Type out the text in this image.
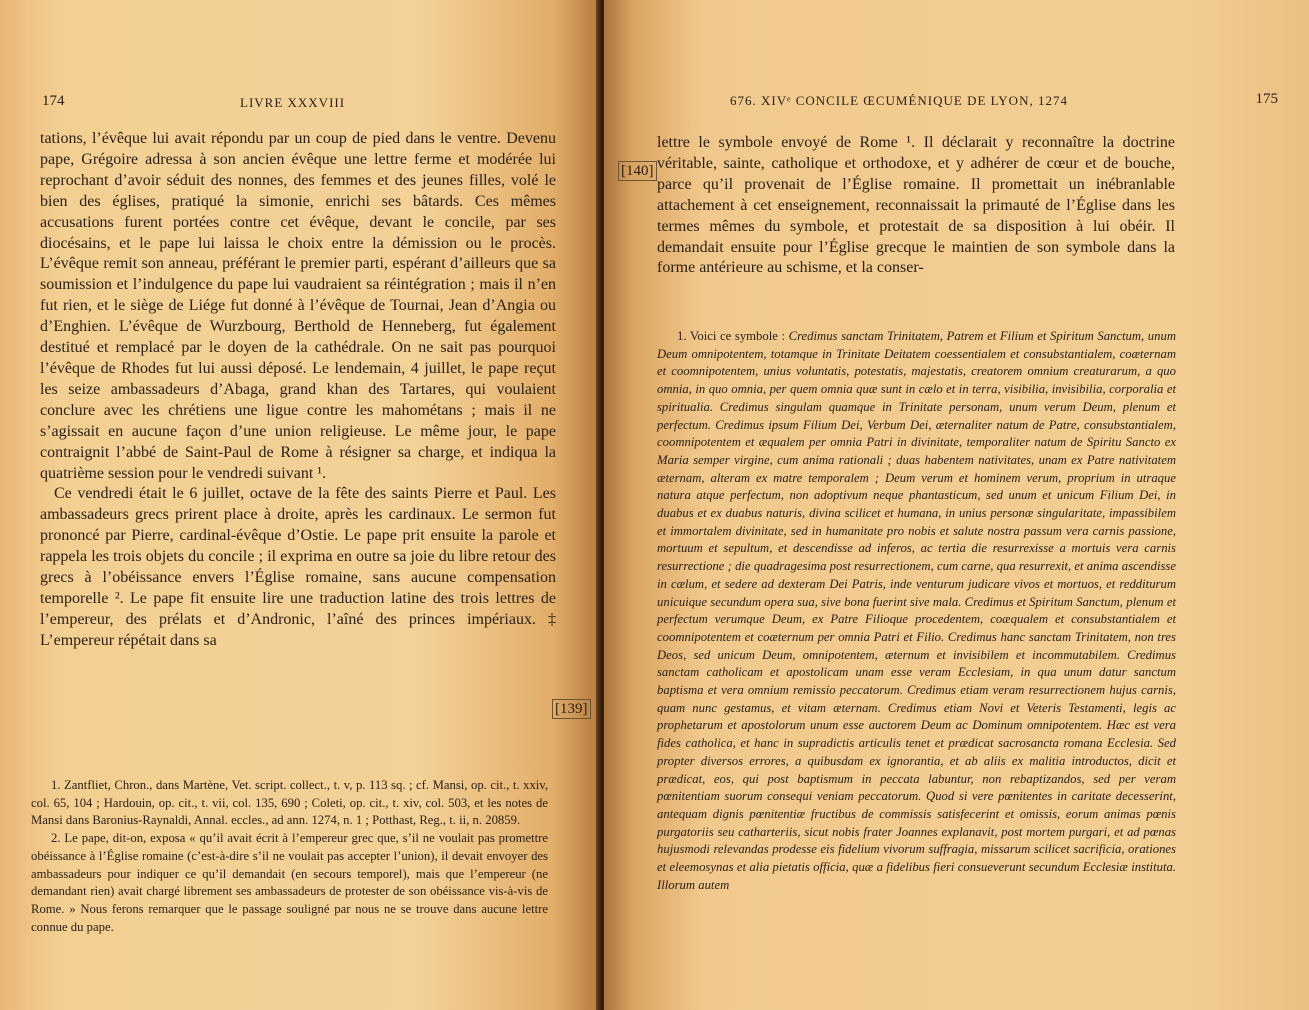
174	LIVRE XXXVIII

tations, l’évêque lui avait répondu par un coup de pied dans le ventre. Devenu pape, Grégoire adressa à son ancien évêque une lettre ferme et modérée lui reprochant d’avoir séduit des nonnes, des femmes et des jeunes filles, volé le bien des églises, pratiqué la simonie, enrichi ses bâtards. Ces mêmes accusations furent portées contre cet évêque, devant le concile, par ses diocésains, et le pape lui laissa le choix entre la démission ou le procès. L’évêque remit son anneau, préférant le premier parti, espérant d’ailleurs que sa soumission et l’indulgence du pape lui vaudraient sa réintégration ; mais il n’en fut rien, et le siège de Liége fut donné à l’évêque de Tournai, Jean d’Angia ou d’Enghien. L’évêque de Wurzbourg, Berthold de Henneberg, fut également destitué et remplacé par le doyen de la cathédrale. On ne sait pas pourquoi l’évêque de Rhodes fut lui aussi déposé. Le lendemain, 4 juillet, le pape reçut les seize ambassadeurs d’Abaga, grand khan des Tartares, qui voulaient conclure avec les chrétiens une ligue contre les mahométans ; mais il ne s’agissait en aucune façon d’une union religieuse. Le même jour, le pape contraignit l’abbé de Saint-Paul de Rome à résigner sa charge, et indiqua la quatrième session pour le vendredi suivant ¹.

Ce vendredi était le 6 juillet, octave de la fête des saints Pierre et Paul. Les ambassadeurs grecs prirent place à droite, après les cardinaux. Le sermon fut prononcé par Pierre, cardinal-évêque d’Ostie. Le pape prit ensuite la parole et rappela les trois objets du concile ; il exprima en outre sa joie du libre retour des grecs à l’obéissance envers l’Église romaine, sans aucune compensation temporelle ². Le pape fit ensuite lire une traduction latine des trois lettres de l’empereur, des prélats et d’Andronic, l’aîné des princes impériaux. ‡ L’empereur répétait dans sa

1. Zantfliet, Chron., dans Martène, Vet. script. collect., t. v, p. 113 sq. ; cf. Mansi, op. cit., t. xxiv, col. 65, 104 ; Hardouin, op. cit., t. vii, col. 135, 690 ; Coleti, op. cit., t. xiv, col. 503, et les notes de Mansi dans Baronius-Raynaldi, Annal. eccles., ad ann. 1274, n. 1 ; Potthast, Reg., t. ii, n. 20859.

2. Le pape, dit-on, exposa « qu’il avait écrit à l’empereur grec que, s’il ne voulait pas promettre obéissance à l’Église romaine (c’est-à-dire s’il ne voulait pas accepter l’union), il devait envoyer des ambassadeurs pour indiquer ce qu’il demandait (en secours temporel), mais que l’empereur (ne demandant rien) avait chargé librement ses ambassadeurs de protester de son obéissance vis-à-vis de Rome. » Nous ferons remarquer que le passage souligné par nous ne se trouve dans aucune lettre connue du pape.

[139]
676. XIVᵉ CONCILE ŒCUMÉNIQUE DE LYON, 1274	175
[140]

lettre le symbole envoyé de Rome ¹. Il déclarait y reconnaître la doctrine véritable, sainte, catholique et orthodoxe, et y adhérer de cœur et de bouche, parce qu’il provenait de l’Église romaine. Il promettait un inébranlable attachement à cet enseignement, reconnaissait la primauté de l’Église dans les termes mêmes du symbole, et protestait de sa disposition à lui obéir. Il demandait ensuite pour l’Église grecque le maintien de son symbole dans la forme antérieure au schisme, et la conser-

1. Voici ce symbole : Credimus sanctam Trinitatem, Patrem et Filium et Spiritum Sanctum, unum Deum omnipotentem, totamque in Trinitate Deitatem coessentialem et consubstantialem, coæternam et coomnipotentem, unius voluntatis, potestatis, majestatis, creatorem omnium creaturarum, a quo omnia, in quo omnia, per quem omnia quæ sunt in cælo et in terra, visibilia, invisibilia, corporalia et spiritualia. Credimus singulam quamque in Trinitate personam, unum verum Deum, plenum et perfectum. Credimus ipsum Filium Dei, Verbum Dei, æternaliter natum de Patre, consubstantialem, coomnipotentem et æqualem per omnia Patri in divinitate, temporaliter natum de Spiritu Sancto ex Maria semper virgine, cum anima rationali ; duas habentem nativitates, unam ex Patre nativitatem æternam, alteram ex matre temporalem ; Deum verum et hominem verum, proprium in utraque natura atque perfectum, non adoptivum neque phantasticum, sed unum et unicum Filium Dei, in duabus et ex duabus naturis, divina scilicet et humana, in unius personæ singularitate, impassibilem et immortalem divinitate, sed in humanitate pro nobis et salute nostra passum vera carnis passione, mortuum et sepultum, et descendisse ad inferos, ac tertia die resurrexisse a mortuis vera carnis resurrectione ; die quadragesima post resurrectionem, cum carne, qua resurrexit, et anima ascendisse in cælum, et sedere ad dexteram Dei Patris, inde venturum judicare vivos et mortuos, et redditurum unicuique secundum opera sua, sive bona fuerint sive mala. Credimus et Spiritum Sanctum, plenum et perfectum verumque Deum, ex Patre Filioque procedentem, coæqualem et consubstantialem et coomnipotentem et coæternum per omnia Patri et Filio. Credimus hanc sanctam Trinitatem, non tres Deos, sed unicum Deum, omnipotentem, æternum et invisibilem et incommutabilem. Credimus sanctam catholicam et apostolicam unam esse veram Ecclesiam, in qua unum datur sanctum baptisma et vera omnium remissio peccatorum. Credimus etiam veram resurrectionem hujus carnis, quam nunc gestamus, et vitam æternam. Credimus etiam Novi et Veteris Testamenti, legis ac prophetarum et apostolorum unum esse auctorem Deum ac Dominum omnipotentem. Hæc est vera fides catholica, et hanc in supradictis articulis tenet et prædicat sacrosancta romana Ecclesia. Sed propter diversos errores, a quibusdam ex ignorantia, et ab aliis ex malitia introductos, dicit et prædicat, eos, qui post baptismum in peccata labuntur, non rebaptizandos, sed per veram pœnitentiam suorum consequi veniam peccatorum. Quod si vere pœnitentes in caritate decesserint, antequam dignis pœnitentiæ fructibus de commissis satisfecerint et omissis, eorum animas pœnis purgatoriis seu catharteriis, sicut nobis frater Joannes explanavit, post mortem purgari, et ad pœnas hujusmodi relevandas prodesse eis fidelium vivorum suffragia, missarum scilicet sacrificia, orationes et eleemosynas et alia pietatis officia, quæ a fidelibus fieri consueverunt secundum Ecclesiæ instituta. Illorum autem
